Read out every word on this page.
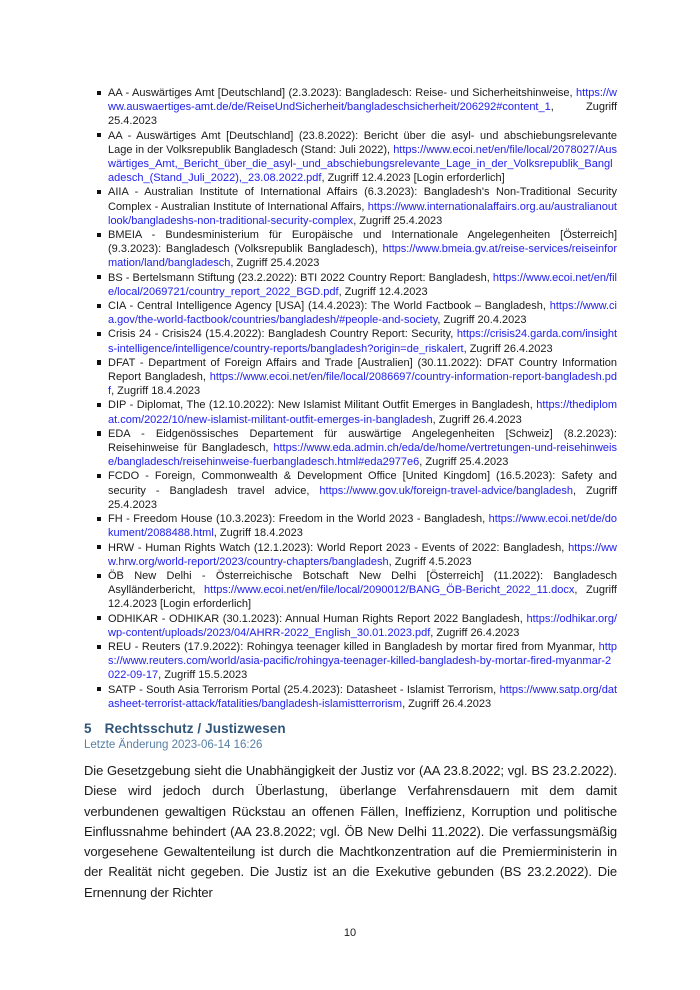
AA - Auswärtiges Amt [Deutschland] (2.3.2023): Bangladesch: Reise- und Sicherheitshinweise, https://www.auswaertiges-amt.de/de/ReiseUndSicherheit/bangladeschsicherheit/206292#content_1, Zugriff 25.4.2023
AA - Auswärtiges Amt [Deutschland] (23.8.2022): Bericht über die asyl- und abschiebungsrelevante Lage in der Volksrepublik Bangladesch (Stand: Juli 2022), https://www.ecoi.net/en/file/local/2078027/Auswärtiges_Amt,_Bericht_über_die_asyl-_und_abschiebungsrelevante_Lage_in_der_Volksrepublik_Bangladesch_(Stand_Juli_2022),_23.08.2022.pdf, Zugriff 12.4.2023 [Login erforderlich]
AIIA - Australian Institute of International Affairs (6.3.2023): Bangladesh's Non-Traditional Security Complex - Australian Institute of International Affairs, https://www.internationalaffairs.org.au/australianoutlook/bangladeshs-non-traditional-security-complex, Zugriff 25.4.2023
BMEIA - Bundesministerium für Europäische und Internationale Angelegenheiten [Österreich] (9.3.2023): Bangladesch (Volksrepublik Bangladesch), https://www.bmeia.gv.at/reise-services/reiseinformation/land/bangladesch, Zugriff 25.4.2023
BS - Bertelsmann Stiftung (23.2.2022): BTI 2022 Country Report: Bangladesh, https://www.ecoi.net/en/file/local/2069721/country_report_2022_BGD.pdf, Zugriff 12.4.2023
CIA - Central Intelligence Agency [USA] (14.4.2023): The World Factbook – Bangladesh, https://www.cia.gov/the-world-factbook/countries/bangladesh/#people-and-society, Zugriff 20.4.2023
Crisis 24 - Crisis24 (15.4.2022): Bangladesh Country Report: Security, https://crisis24.garda.com/insights-intelligence/intelligence/country-reports/bangladesh?origin=de_riskalert, Zugriff 26.4.2023
DFAT - Department of Foreign Affairs and Trade [Australien] (30.11.2022): DFAT Country Information Report Bangladesh, https://www.ecoi.net/en/file/local/2086697/country-information-report-bangladesh.pdf, Zugriff 18.4.2023
DIP - Diplomat, The (12.10.2022): New Islamist Militant Outfit Emerges in Bangladesh, https://thediplomat.com/2022/10/new-islamist-militant-outfit-emerges-in-bangladesh, Zugriff 26.4.2023
EDA - Eidgenössisches Departement für auswärtige Angelegenheiten [Schweiz] (8.2.2023): Reisehinweise für Bangladesch, https://www.eda.admin.ch/eda/de/home/vertretungen-und-reisehinweise/bangladesch/reisehinweise-fuerbangladesch.html#eda2977e6, Zugriff 25.4.2023
FCDO - Foreign, Commonwealth & Development Office [United Kingdom] (16.5.2023): Safety and security - Bangladesh travel advice, https://www.gov.uk/foreign-travel-advice/bangladesh, Zugriff 25.4.2023
FH - Freedom House (10.3.2023): Freedom in the World 2023 - Bangladesh, https://www.ecoi.net/de/dokument/2088488.html, Zugriff 18.4.2023
HRW - Human Rights Watch (12.1.2023): World Report 2023 - Events of 2022: Bangladesh, https://www.hrw.org/world-report/2023/country-chapters/bangladesh, Zugriff 4.5.2023
ÖB New Delhi - Österreichische Botschaft New Delhi [Österreich] (11.2022): Bangladesch Asylländerbericht, https://www.ecoi.net/en/file/local/2090012/BANG_ÖB-Bericht_2022_11.docx, Zugriff 12.4.2023 [Login erforderlich]
ODHIKAR - ODHIKAR (30.1.2023): Annual Human Rights Report 2022 Bangladesh, https://odhikar.org/wp-content/uploads/2023/04/AHRR-2022_English_30.01.2023.pdf, Zugriff 26.4.2023
REU - Reuters (17.9.2022): Rohingya teenager killed in Bangladesh by mortar fired from Myanmar, https://www.reuters.com/world/asia-pacific/rohingya-teenager-killed-bangladesh-by-mortar-fired-myanmar-2022-09-17, Zugriff 15.5.2023
SATP - South Asia Terrorism Portal (25.4.2023): Datasheet - Islamist Terrorism, https://www.satp.org/datasheet-terrorist-attack/fatalities/bangladesh-islamistterrorism, Zugriff 26.4.2023
5 Rechtsschutz / Justizwesen
Letzte Änderung 2023-06-14 16:26

Die Gesetzgebung sieht die Unabhängigkeit der Justiz vor (AA 23.8.2022; vgl. BS 23.2.2022). Diese wird jedoch durch Überlastung, überlange Verfahrensdauern mit dem damit verbundenen gewaltigen Rückstau an offenen Fällen, Ineffizienz, Korruption und politische Einflussnahme behindert (AA 23.8.2022; vgl. ÖB New Delhi 11.2022). Die verfassungsmäßig vorgesehene Gewaltenteilung ist durch die Machtkonzentration auf die Premierministerin in der Realität nicht gegeben. Die Justiz ist an die Exekutive gebunden (BS 23.2.2022). Die Ernennung der Richter

10
